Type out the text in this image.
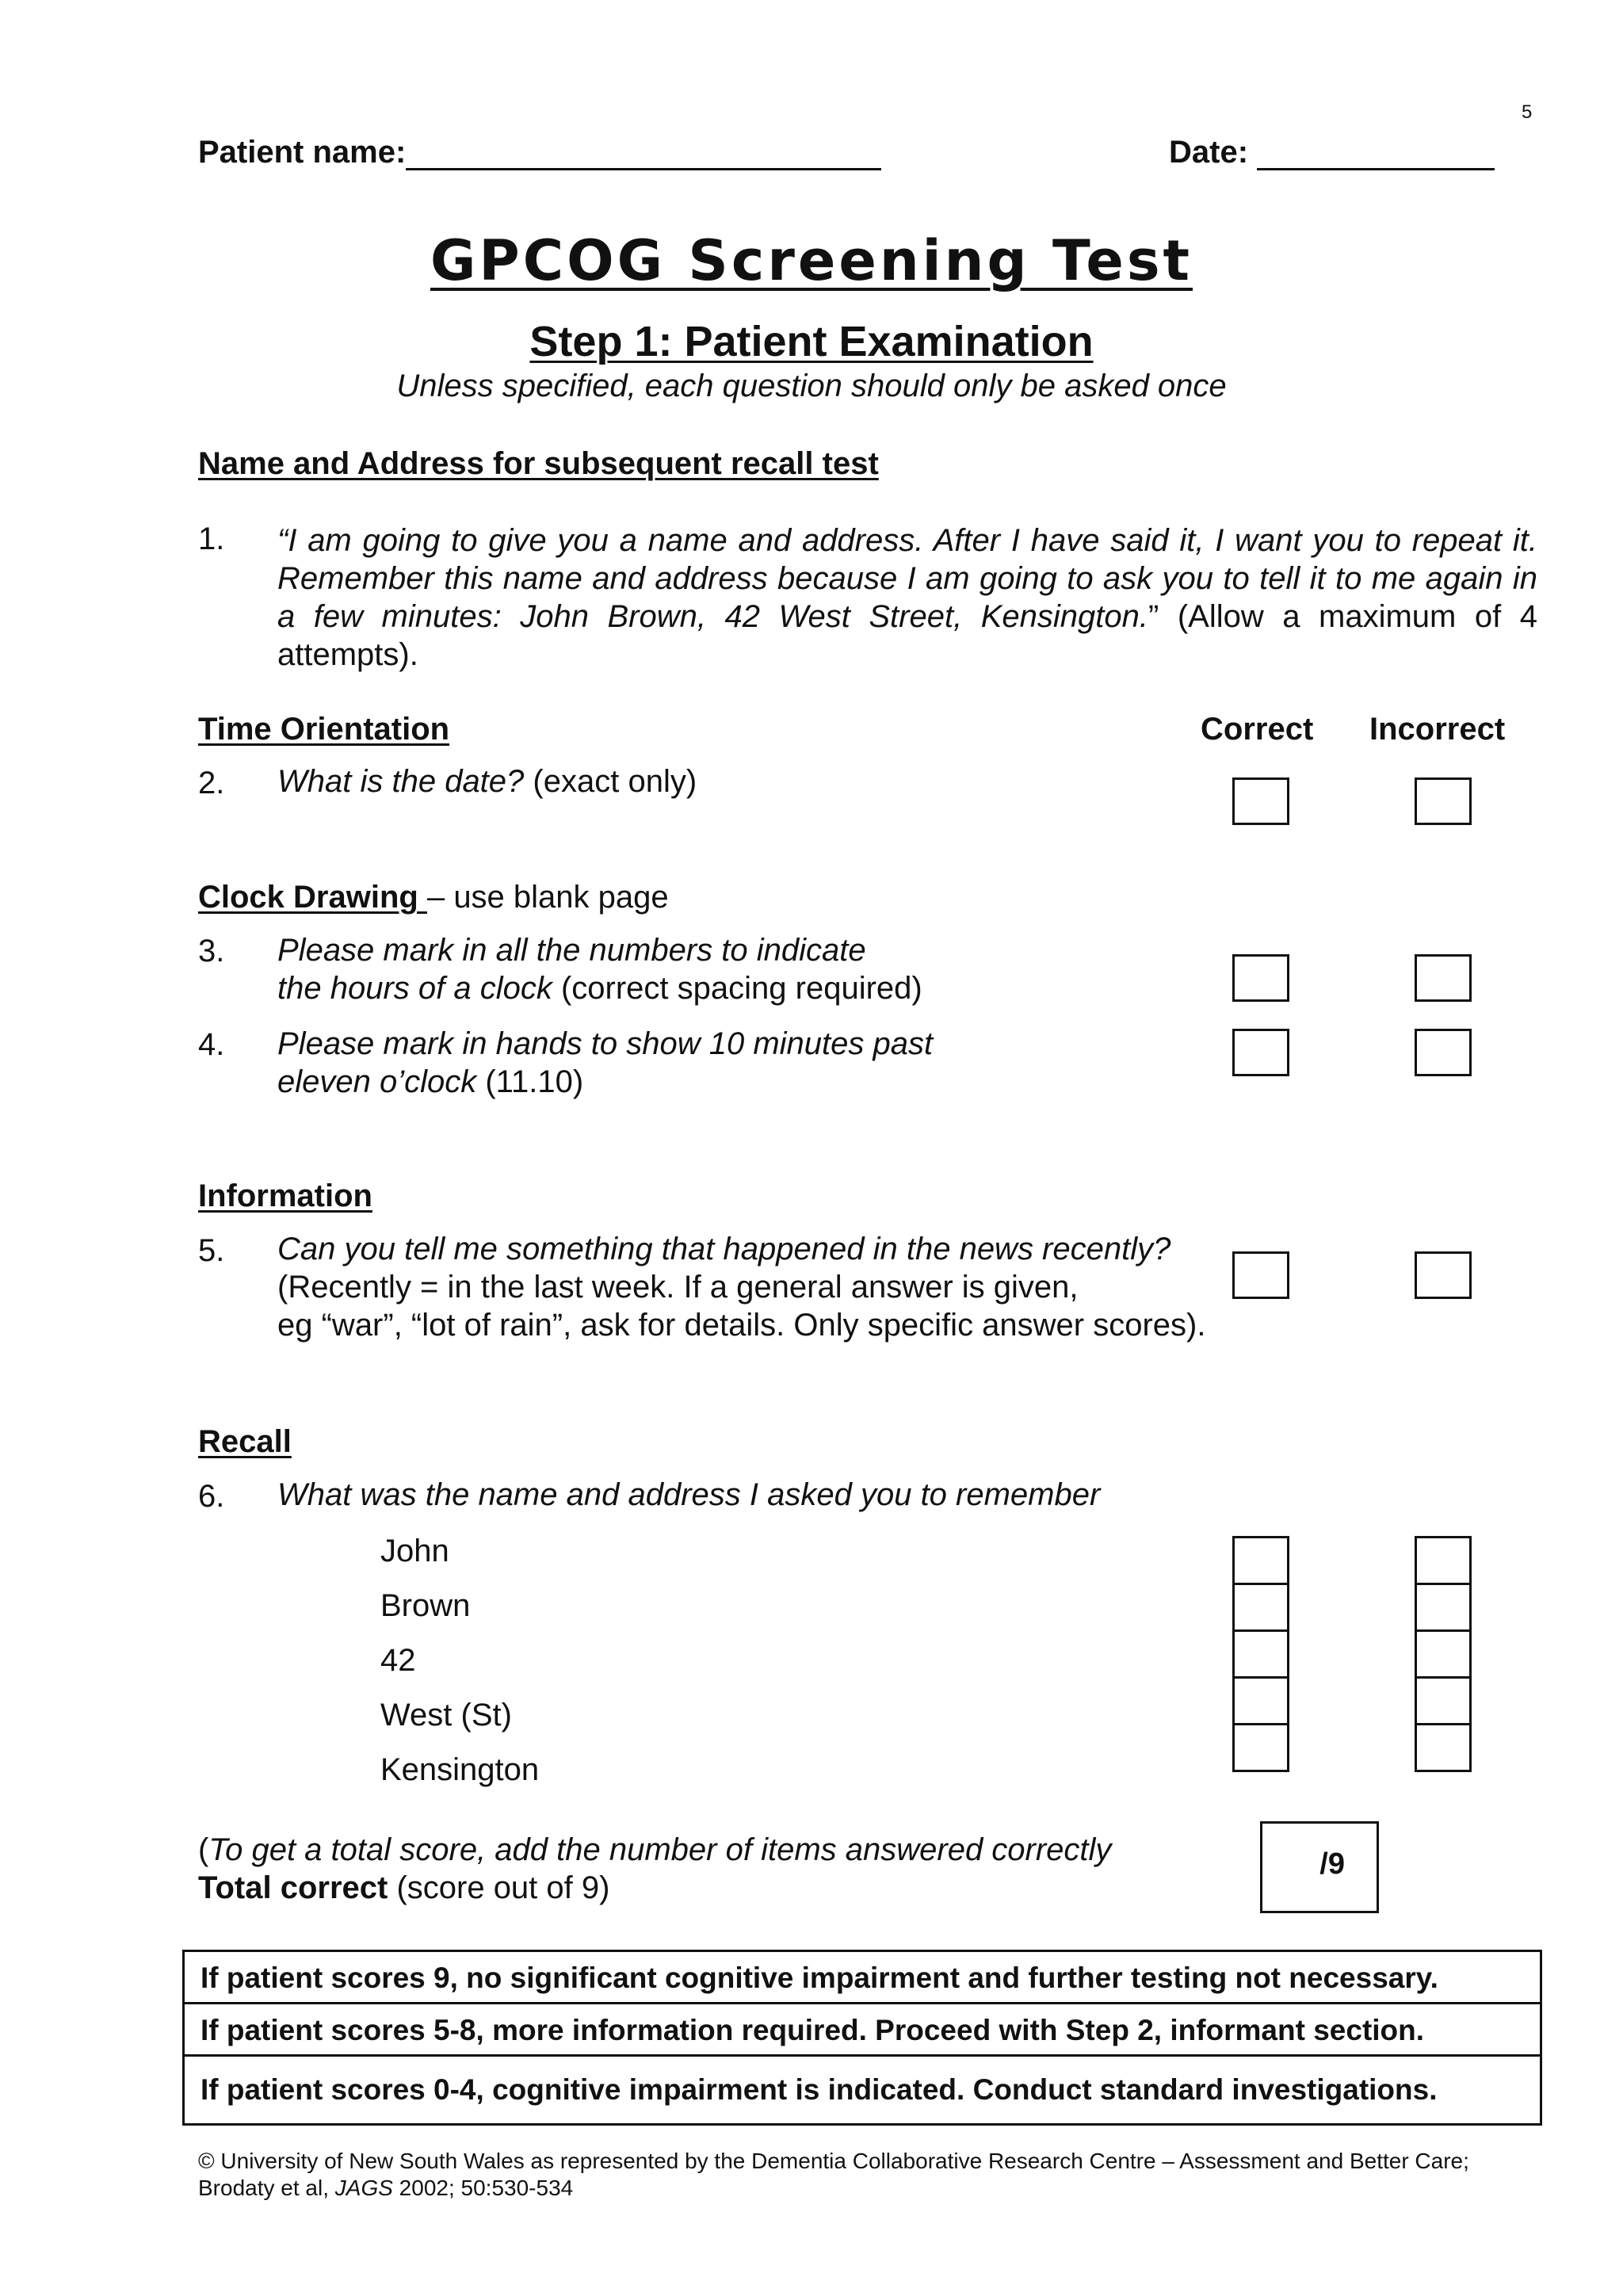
5
Patient name:	Date:
GPCOG Screening Test
Step 1: Patient Examination
Unless specified, each question should only be asked once
Name and Address for subsequent recall test
1. “I am going to give you a name and address. After I have said it, I want you to repeat it. Remember this name and address because I am going to ask you to tell it to me again in a few minutes: John Brown, 42 West Street, Kensington.” (Allow a maximum of 4 attempts).
Time Orientation	Correct Incorrect
2. What is the date? (exact only)
Clock Drawing – use blank page
3. Please mark in all the numbers to indicate
the hours of a clock (correct spacing required)
4. Please mark in hands to show 10 minutes past
eleven o’clock (11.10)
Information
5. Can you tell me something that happened in the news recently?
(Recently = in the last week. If a general answer is given,
eg “war”, “lot of rain”, ask for details. Only specific answer scores).
Recall
6. What was the name and address I asked you to remember
John
Brown
42
West (St)
Kensington
(To get a total score, add the number of items answered correctly
Total correct (score out of 9)
/9
If patient scores 9, no significant cognitive impairment and further testing not necessary.
If patient scores 5-8, more information required. Proceed with Step 2, informant section.
If patient scores 0-4, cognitive impairment is indicated. Conduct standard investigations.
© University of New South Wales as represented by the Dementia Collaborative Research Centre – Assessment and Better Care;
Brodaty et al, JAGS 2002; 50:530-534
